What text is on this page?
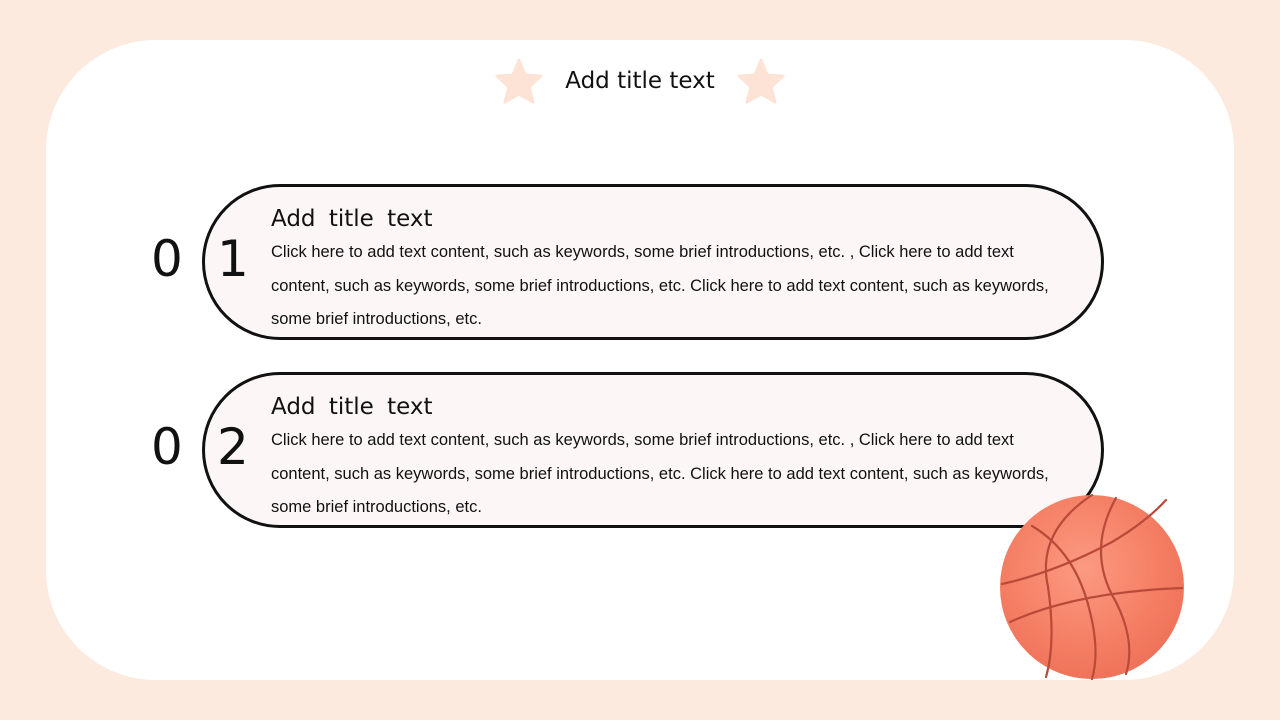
Add title text
0 1
Add title text
Click here to add text content, such as keywords, some brief introductions, etc. , Click here to add text content, such as keywords, some brief introductions, etc. Click here to add text content, such as keywords, some brief introductions, etc.
0 2
Add title text
Click here to add text content, such as keywords, some brief introductions, etc. , Click here to add text content, such as keywords, some brief introductions, etc. Click here to add text content, such as keywords, some brief introductions, etc.
